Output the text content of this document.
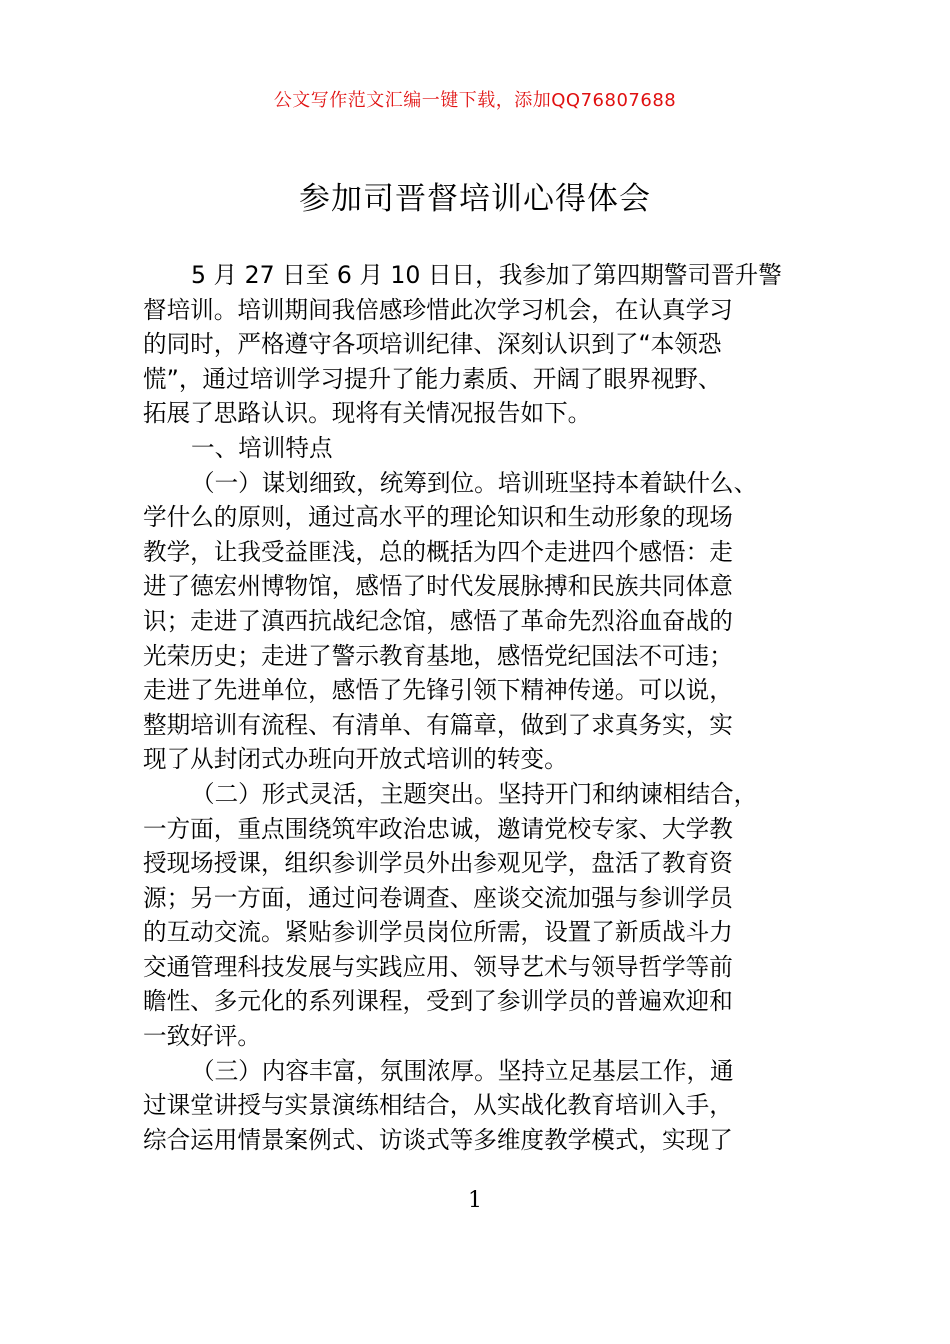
公文写作范文汇编一键下载，添加QQ76807688
参加司晋督培训心得体会
5 月 27 日至 6 月 10 日日，我参加了第四期警司晋升警
督培训。培训期间我倍感珍惜此次学习机会，在认真学习
的同时，严格遵守各项培训纪律、深刻认识到了“本领恐
慌”，通过培训学习提升了能力素质、开阔了眼界视野、
拓展了思路认识。现将有关情况报告如下。
一、培训特点
（一）谋划细致，统筹到位。培训班坚持本着缺什么、
学什么的原则，通过高水平的理论知识和生动形象的现场
教学，让我受益匪浅，总的概括为四个走进四个感悟：走
进了德宏州博物馆，感悟了时代发展脉搏和民族共同体意
识；走进了滇西抗战纪念馆，感悟了革命先烈浴血奋战的
光荣历史；走进了警示教育基地，感悟党纪国法不可违；
走进了先进单位，感悟了先锋引领下精神传递。可以说，
整期培训有流程、有清单、有篇章，做到了求真务实，实
现了从封闭式办班向开放式培训的转变。
（二）形式灵活，主题突出。坚持开门和纳谏相结合，
一方面，重点围绕筑牢政治忠诚，邀请党校专家、大学教
授现场授课，组织参训学员外出参观见学，盘活了教育资
源；另一方面，通过问卷调查、座谈交流加强与参训学员
的互动交流。紧贴参训学员岗位所需，设置了新质战斗力
交通管理科技发展与实践应用、领导艺术与领导哲学等前
瞻性、多元化的系列课程，受到了参训学员的普遍欢迎和
一致好评。
（三）内容丰富，氛围浓厚。坚持立足基层工作，通
过课堂讲授与实景演练相结合，从实战化教育培训入手，
综合运用情景案例式、访谈式等多维度教学模式，实现了
1
